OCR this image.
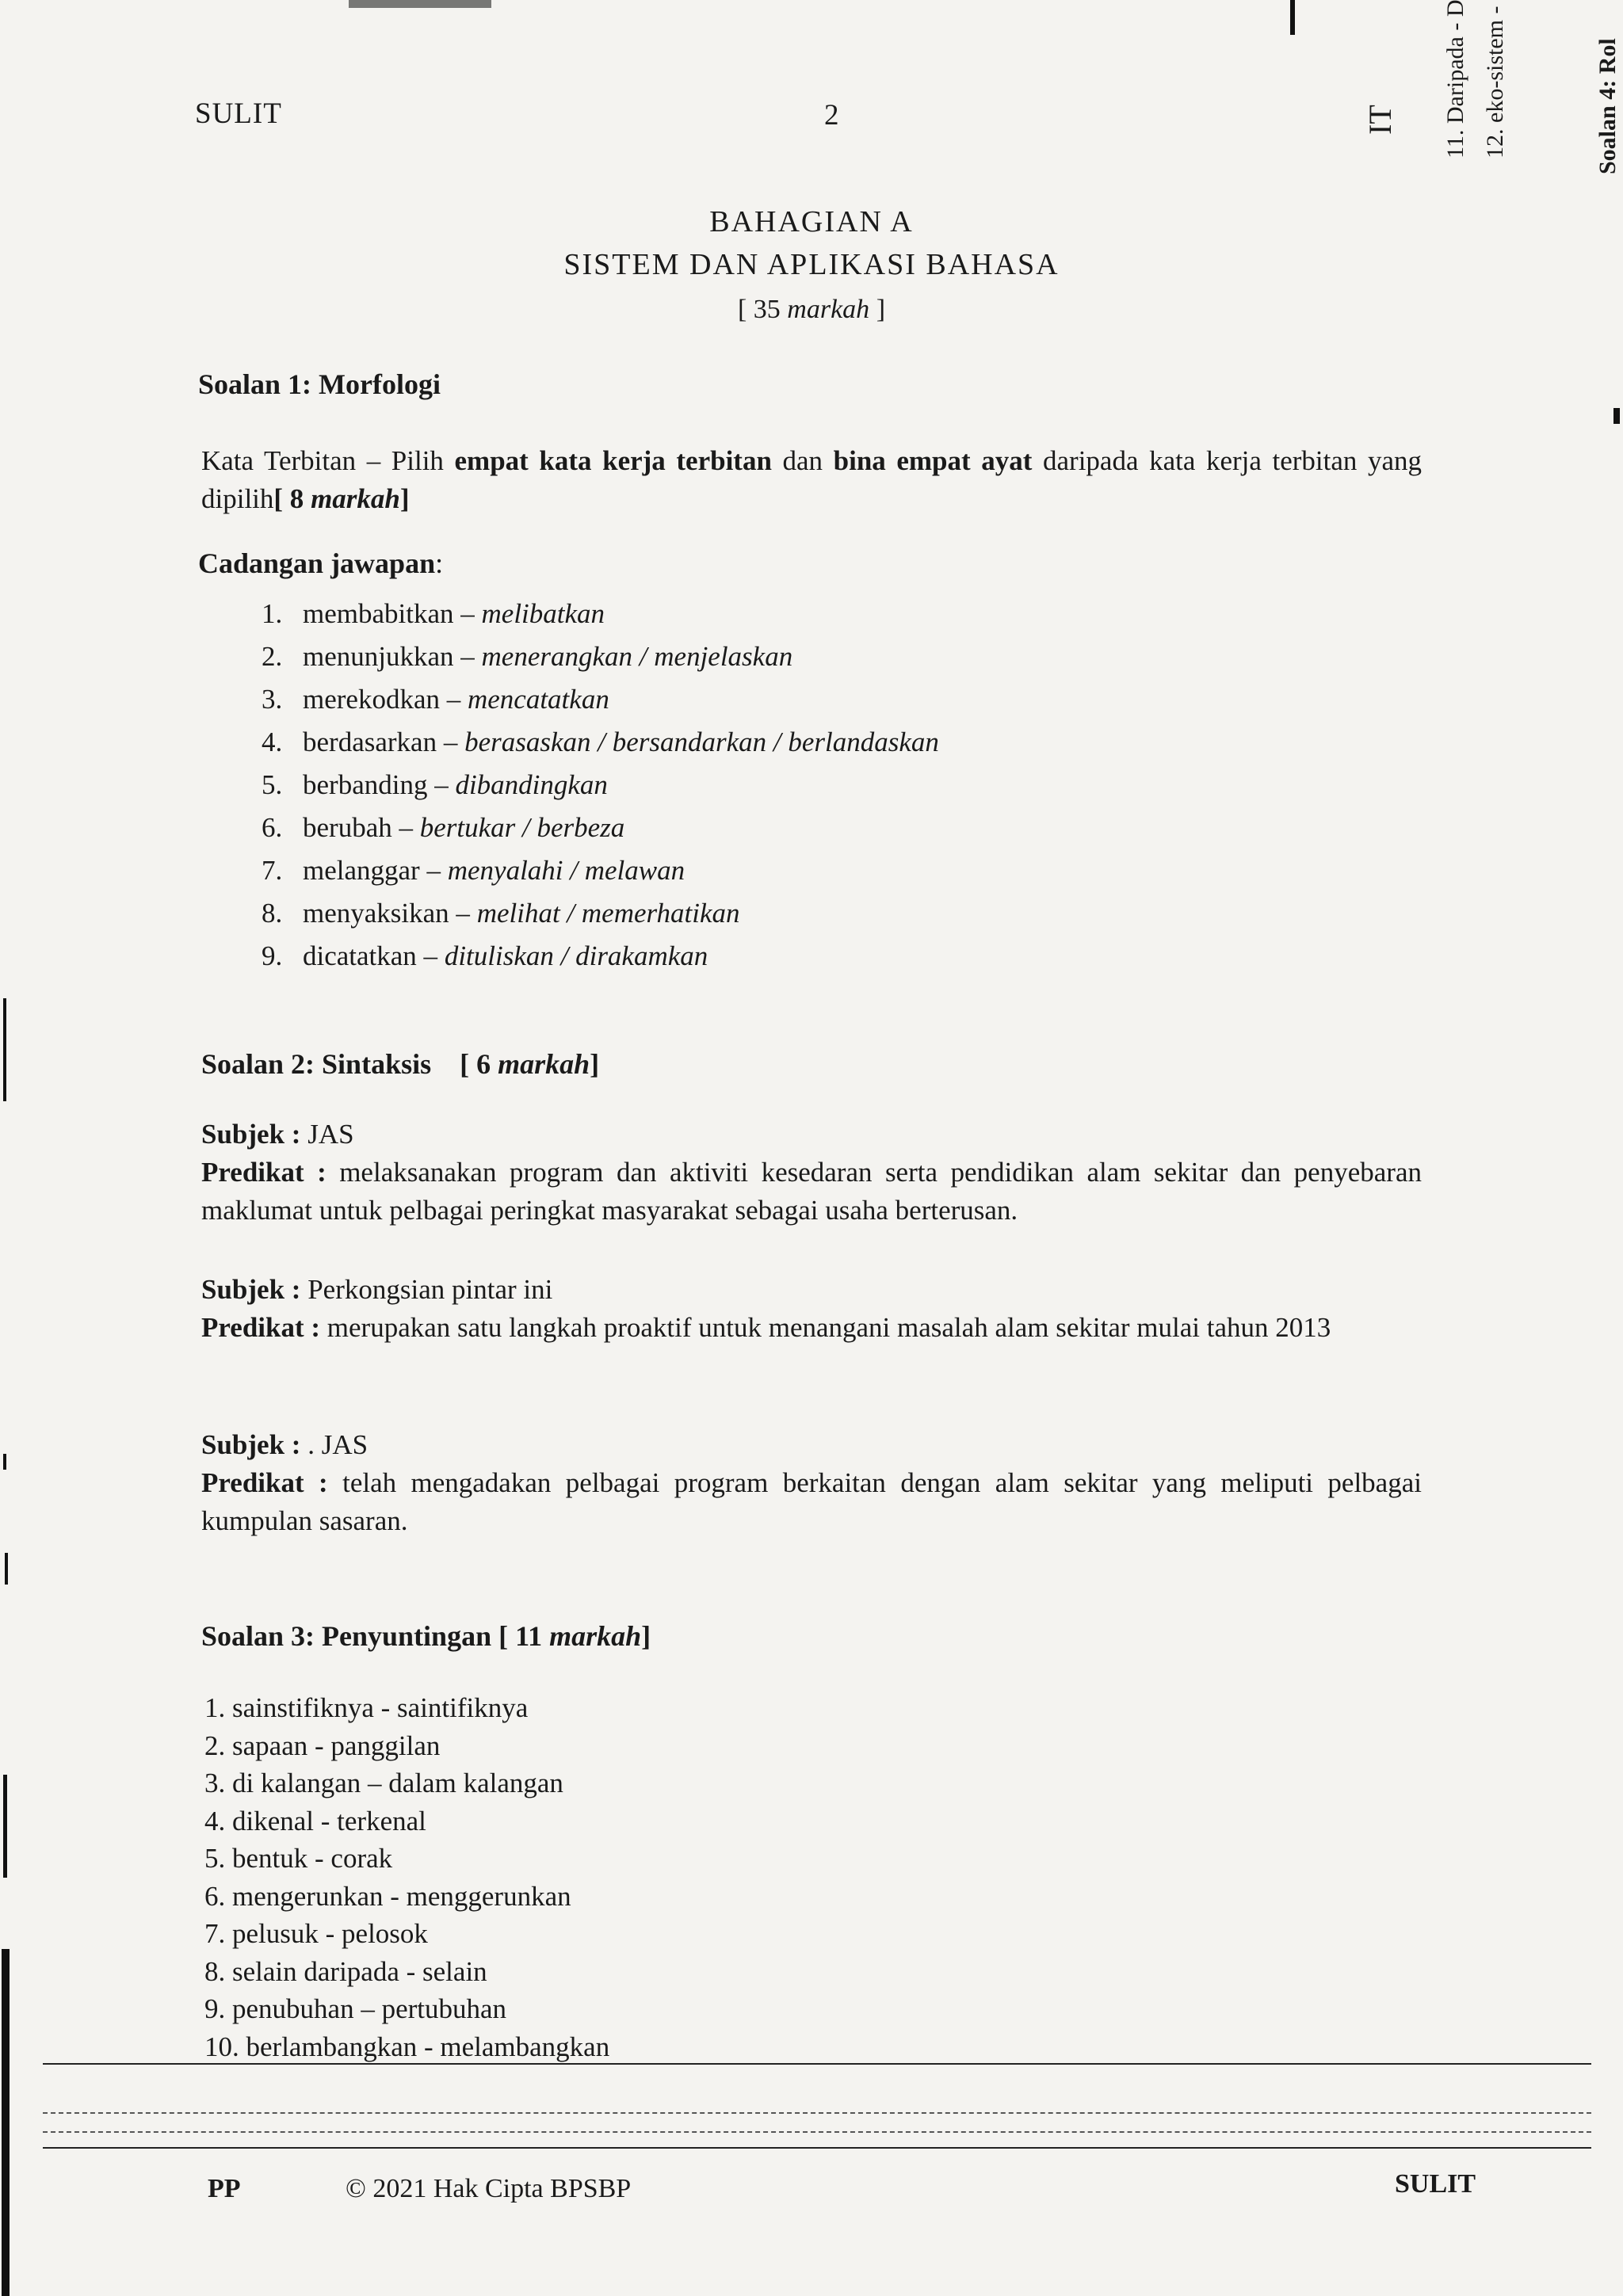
SULIT	2	IT 11. Daripada - D 12. eko-sistem -	Soalan 4: Rol
BAHAGIAN A
SISTEM DAN APLIKASI BAHASA
[ 35 markah ]
Soalan 1: Morfologi
Kata Terbitan – Pilih empat kata kerja terbitan dan bina empat ayat daripada kata kerja terbitan yang dipilih[ 8 markah]
Cadangan jawapan:
1. membabitkan – melibatkan
2. menunjukkan – menerangkan / menjelaskan
3. merekodkan – mencatatkan
4. berdasarkan – berasaskan / bersandarkan / berlandaskan
5. berbanding – dibandingkan
6. berubah – bertukar / berbeza
7. melanggar – menyalahi / melawan
8. menyaksikan – melihat / memerhatikan
9. dicatatkan – dituliskan / dirakamkan
Soalan 2: Sintaksis [ 6 markah]
Subjek : JAS
Predikat : melaksanakan program dan aktiviti kesedaran serta pendidikan alam sekitar dan penyebaran maklumat untuk pelbagai peringkat masyarakat sebagai usaha berterusan.
Subjek : Perkongsian pintar ini
Predikat : merupakan satu langkah proaktif untuk menangani masalah alam sekitar mulai tahun 2013
Subjek : . JAS
Predikat : telah mengadakan pelbagai program berkaitan dengan alam sekitar yang meliputi pelbagai kumpulan sasaran.
Soalan 3: Penyuntingan [ 11 markah]
1. sainstifiknya - saintifiknya
2. sapaan - panggilan
3. di kalangan – dalam kalangan
4. dikenal - terkenal
5. bentuk - corak
6. mengerunkan - menggerunkan
7. pelusuk - pelosok
8. selain daripada - selain
9. penubuhan – pertubuhan
10. berlambangkan - melambangkan
PP	© 2021 Hak Cipta BPSBP	SULIT
